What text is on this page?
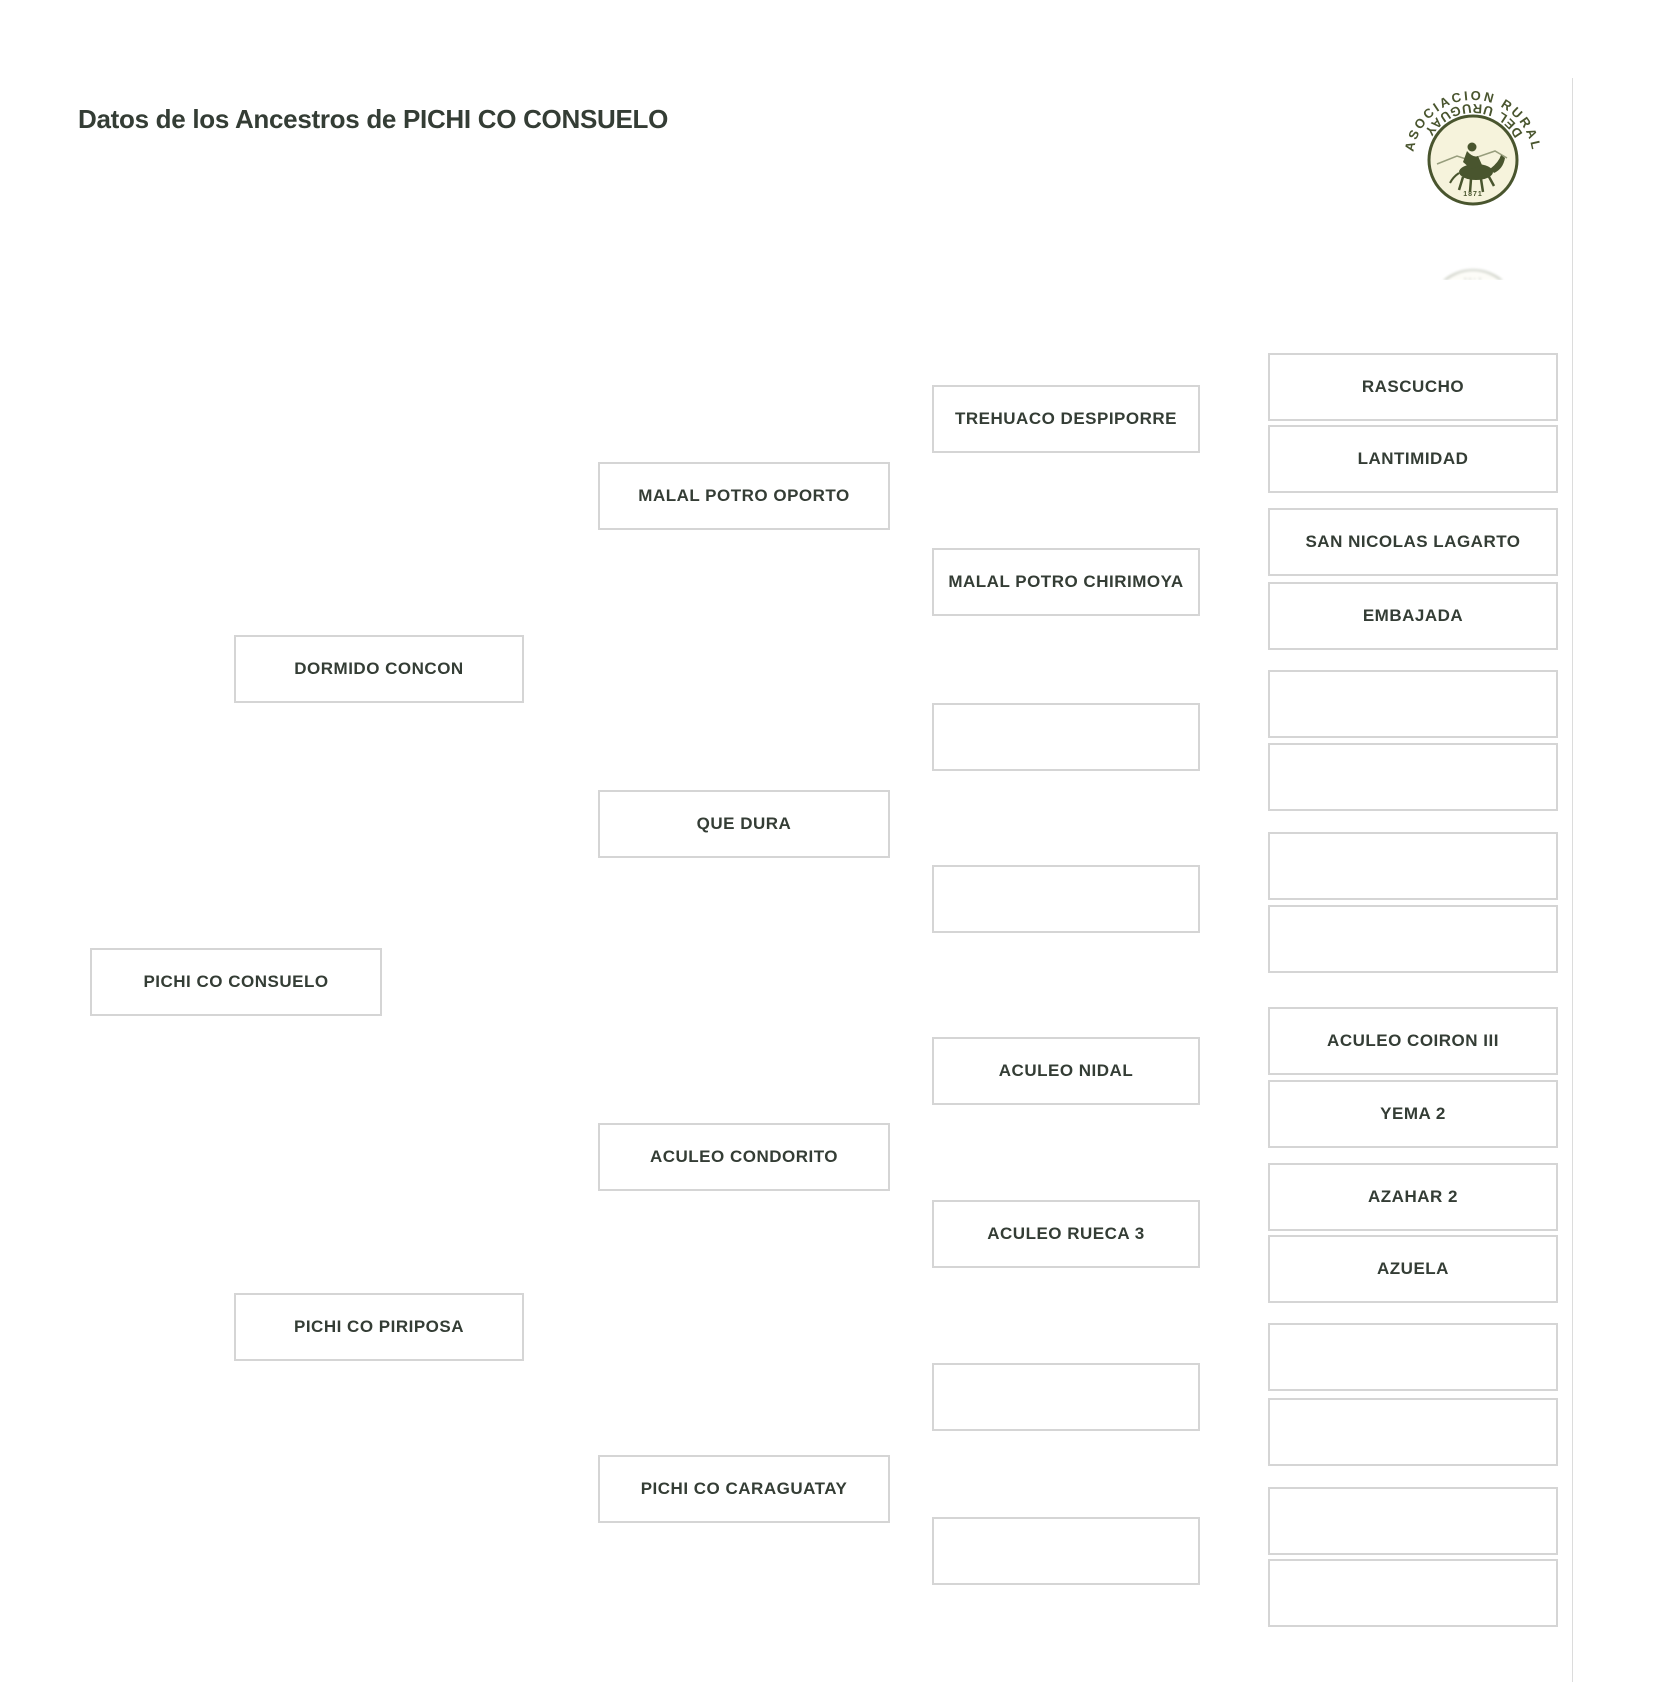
Datos de los Ancestros de PICHI CO CONSUELO
1871
ASOCIACION RURAL
DEL URUGUAY
PICHI CO CONSUELO
DORMIDO CONCON
PICHI CO PIRIPOSA
MALAL POTRO OPORTO
QUE DURA
ACULEO CONDORITO
PICHI CO CARAGUATAY
TREHUACO DESPIPORRE
MALAL POTRO CHIRIMOYA
ACULEO NIDAL
ACULEO RUECA 3
RASCUCHO
LANTIMIDAD
SAN NICOLAS LAGARTO
EMBAJADA
ACULEO COIRON III
YEMA 2
AZAHAR 2
AZUELA
